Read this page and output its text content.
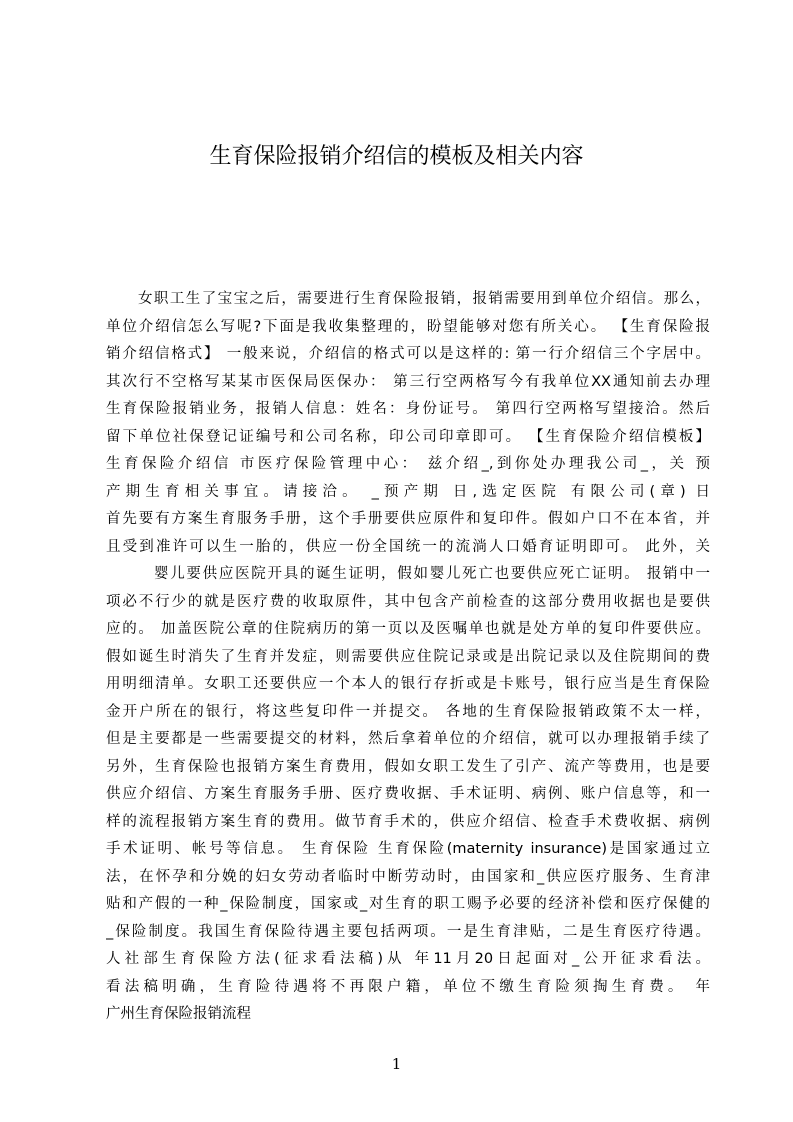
生育保险报销介绍信的模板及相关内容
女职工生了宝宝之后，需要进行生育保险报销，报销需要用到单位介绍信。那么，
单位介绍信怎么写呢?下面是我收集整理的，盼望能够对您有所关心。 【生育保险报
销介绍信格式】 一般来说，介绍信的格式可以是这样的: 第一行介绍信三个字居中。
其次行不空格写某某市医保局医保办： 第三行空两格写今有我单位XX通知前去办理
生育保险报销业务，报销人信息：姓名：身份证号。 第四行空两格写望接洽。然后
留下单位社保登记证编号和公司名称，印公司印章即可。 【生育保险介绍信模板】
生育保险介绍信 市医疗保险管理中心： 兹介绍_,到你处办理我公司_，关 预
产期生育相关事宜。请接洽。 _预产期 日,选定医院 有限公司(章) 日
首先要有方案生育服务手册，这个手册要供应原件和复印件。假如户口不在本省，并
且受到准许可以生一胎的，供应一份全国统一的流淌人口婚育证明即可。 此外，关
婴儿要供应医院开具的诞生证明，假如婴儿死亡也要供应死亡证明。 报销中一
项必不行少的就是医疗费的收取原件，其中包含产前检查的这部分费用收据也是要供
应的。 加盖医院公章的住院病历的第一页以及医嘱单也就是处方单的复印件要供应。
假如诞生时消失了生育并发症，则需要供应住院记录或是出院记录以及住院期间的费
用明细清单。女职工还要供应一个本人的银行存折或是卡账号，银行应当是生育保险
金开户所在的银行，将这些复印件一并提交。 各地的生育保险报销政策不太一样，
但是主要都是一些需要提交的材料，然后拿着单位的介绍信，就可以办理报销手续了
另外，生育保险也报销方案生育费用，假如女职工发生了引产、流产等费用，也是要
供应介绍信、方案生育服务手册、医疗费收据、手术证明、病例、账户信息等，和一
样的流程报销方案生育的费用。做节育手术的，供应介绍信、检查手术费收据、病例
手术证明、帐号等信息。 生育保险 生育保险(maternity insurance)是国家通过立
法，在怀孕和分娩的妇女劳动者临时中断劳动时，由国家和_供应医疗服务、生育津
贴和产假的一种_保险制度，国家或_对生育的职工赐予必要的经济补偿和医疗保健的
_保险制度。我国生育保险待遇主要包括两项。一是生育津贴，二是生育医疗待遇。
人社部生育保险方法(征求看法稿)从 年11月20日起面对_公开征求看法。
看法稿明确，生育险待遇将不再限户籍，单位不缴生育险须掏生育费。 年
广州生育保险报销流程
1
